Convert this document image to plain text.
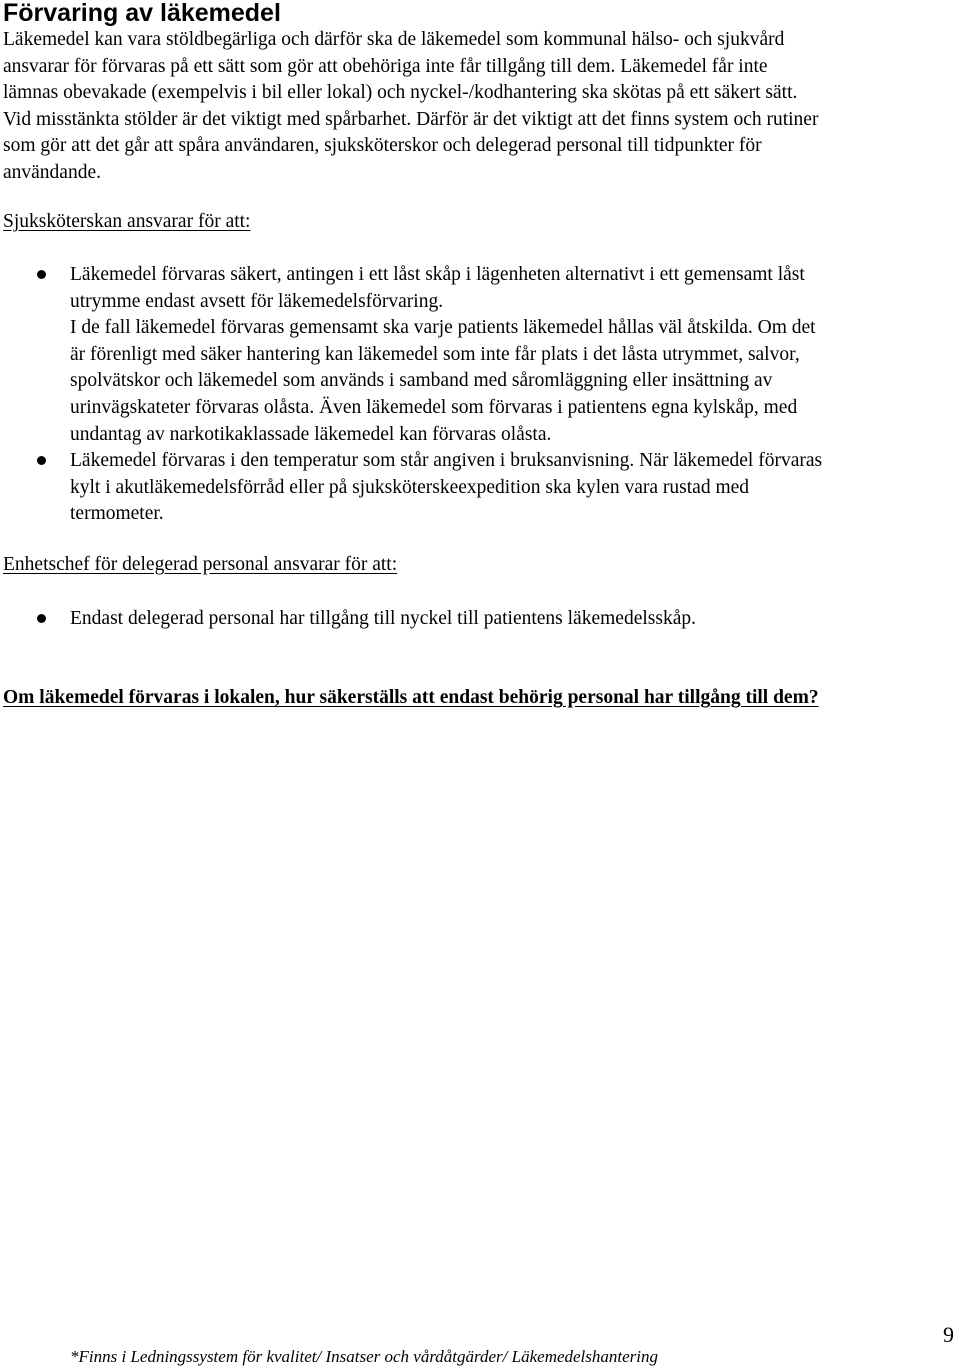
Förvaring av läkemedel

Läkemedel kan vara stöldbegärliga och därför ska de läkemedel som kommunal hälso- och sjukvård
ansvarar för förvaras på ett sätt som gör att obehöriga inte får tillgång till dem. Läkemedel får inte
lämnas obevakade (exempelvis i bil eller lokal) och nyckel-/kodhantering ska skötas på ett säkert sätt.
Vid misstänkta stölder är det viktigt med spårbarhet. Därför är det viktigt att det finns system och rutiner
som gör att det går att spåra användaren, sjuksköterskor och delegerad personal till tidpunkter för
användande.

Sjuksköterskan ansvarar för att:
Läkemedel förvaras säkert, antingen i ett låst skåp i lägenheten alternativt i ett gemensamt låst
utrymme endast avsett för läkemedelsförvaring.
I de fall läkemedel förvaras gemensamt ska varje patients läkemedel hållas väl åtskilda. Om det
är förenligt med säker hantering kan läkemedel som inte får plats i det låsta utrymmet, salvor,
spolvätskor och läkemedel som används i samband med såromläggning eller insättning av
urinvägskateter förvaras olåsta. Även läkemedel som förvaras i patientens egna kylskåp, med
undantag av narkotikaklassade läkemedel kan förvaras olåsta.
Läkemedel förvaras i den temperatur som står angiven i bruksanvisning. När läkemedel förvaras
kylt i akutläkemedelsförråd eller på sjuksköterskeexpedition ska kylen vara rustad med
termometer.
Enhetschef för delegerad personal ansvarar för att:
Endast delegerad personal har tillgång till nyckel till patientens läkemedelsskåp.
Om läkemedel förvaras i lokalen, hur säkerställs att endast behörig personal har tillgång till dem?
9
*Finns i Ledningssystem för kvalitet/ Insatser och vårdåtgärder/ Läkemedelshantering
